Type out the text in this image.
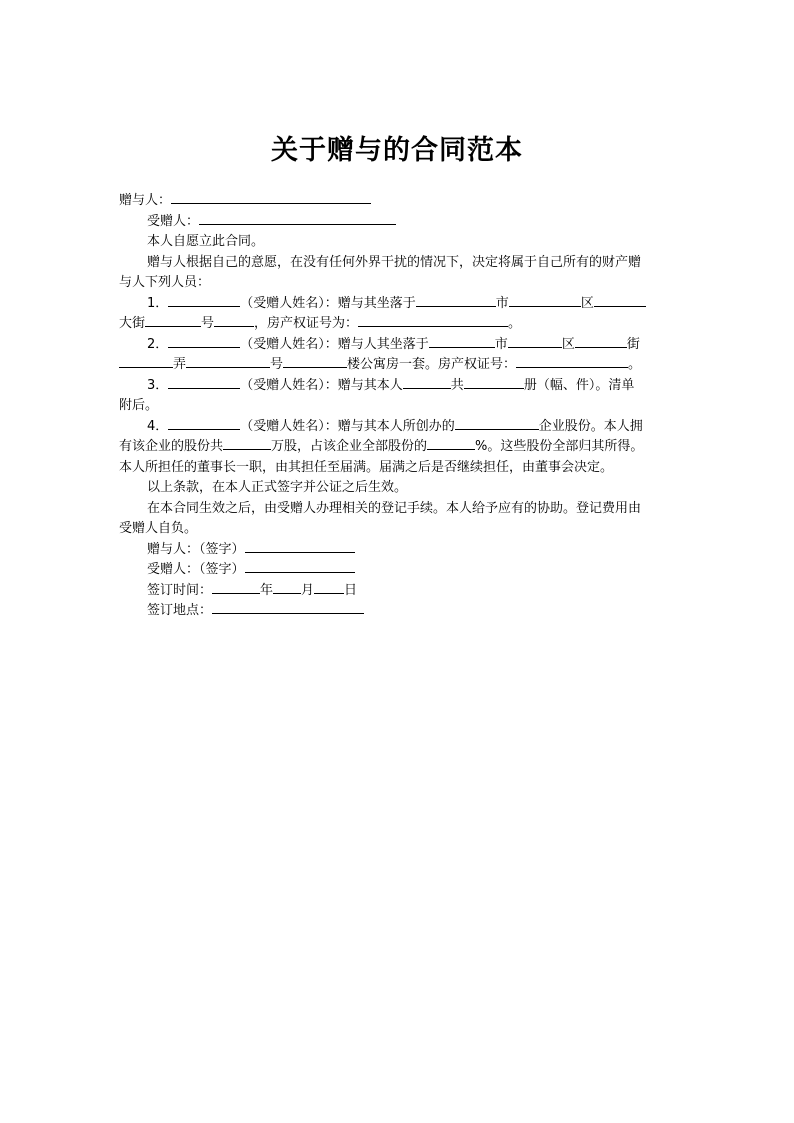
关于赠与的合同范本
赠与人：
受赠人：
本人自愿立此合同。
赠与人根据自己的意愿，在没有任何外界干扰的情况下，决定将属于自己所有的财产赠
与人下列人员：
1．	（受赠人姓名）：赠与其坐落于	市	区
大街	号	，房产权证号为：	。
2．	（受赠人姓名）：赠与人其坐落于	市	区	街
弄	号	楼公寓房一套。房产权证号：	。
3．	（受赠人姓名）：赠与其本人	共	册（幅、件）。清单
附后。
4．	（受赠人姓名）：赠与其本人所创办的	企业股份。本人拥
有该企业的股份共	万股，占该企业全部股份的	%。这些股份全部归其所得。
本人所担任的董事长一职，由其担任至届满。届满之后是否继续担任，由董事会决定。
以上条款，在本人正式签字并公证之后生效。
在本合同生效之后，由受赠人办理相关的登记手续。本人给予应有的协助。登记费用由
受赠人自负。
赠与人：（签字）
受赠人：（签字）
签订时间：	年 月 日
签订地点：
